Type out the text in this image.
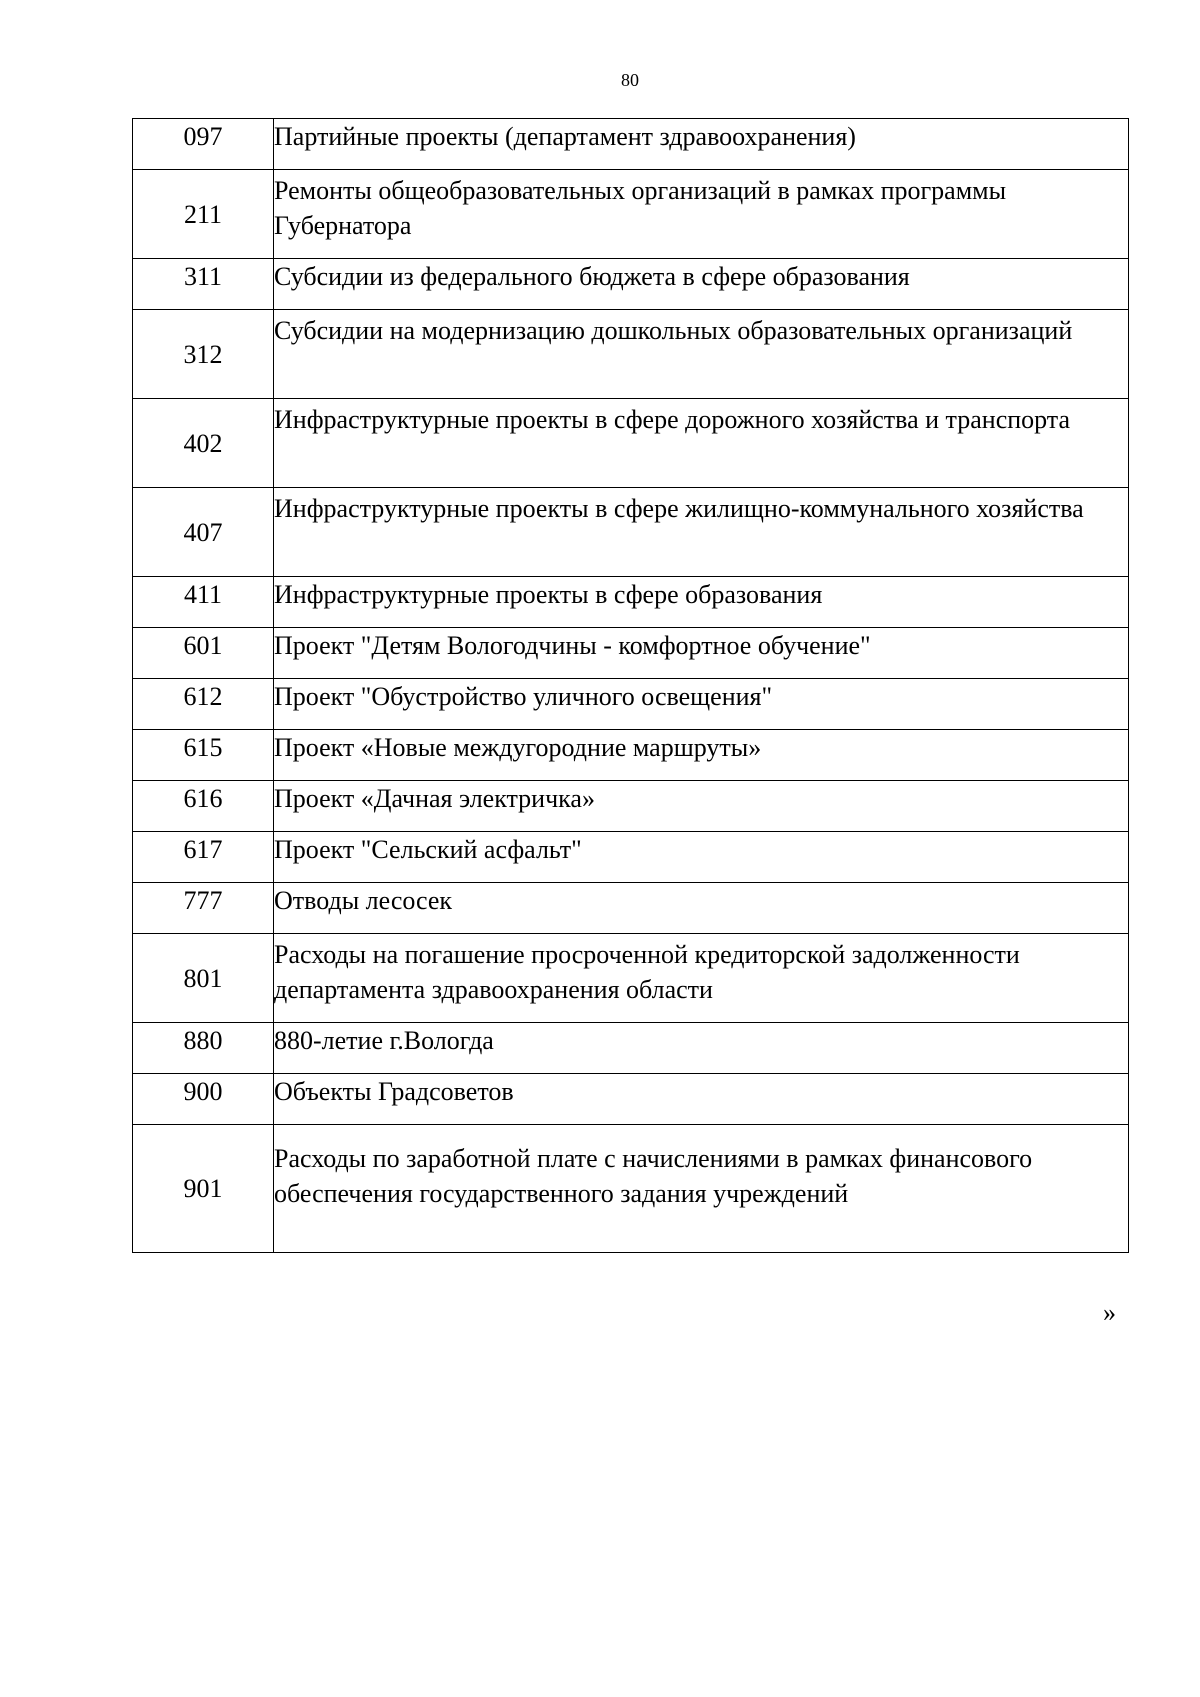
80
097	Партийные проекты (департамент здравоохранения)
211	Ремонты общеобразовательных организаций в рамках программы Губернатора
311	Субсидии из федерального бюджета в сфере образования
312	Субсидии на модернизацию дошкольных образовательных организаций
402	Инфраструктурные проекты в сфере дорожного хозяйства и транспорта
407	Инфраструктурные проекты в сфере жилищно-коммунального хозяйства
411	Инфраструктурные проекты в сфере образования
601	Проект "Детям Вологодчины - комфортное обучение"
612	Проект "Обустройство уличного освещения"
615	Проект «Новые междугородние маршруты»
616	Проект «Дачная электричка»
617	Проект "Сельский асфальт"
777	Отводы лесосек
801	Расходы на погашение просроченной кредиторской задолженности департамента здравоохранения области
880	880-летие г.Вологда
900	Объекты Градсоветов
901	Расходы по заработной плате с начислениями в рамках финансового обеспечения государственного задания учреждений
»
